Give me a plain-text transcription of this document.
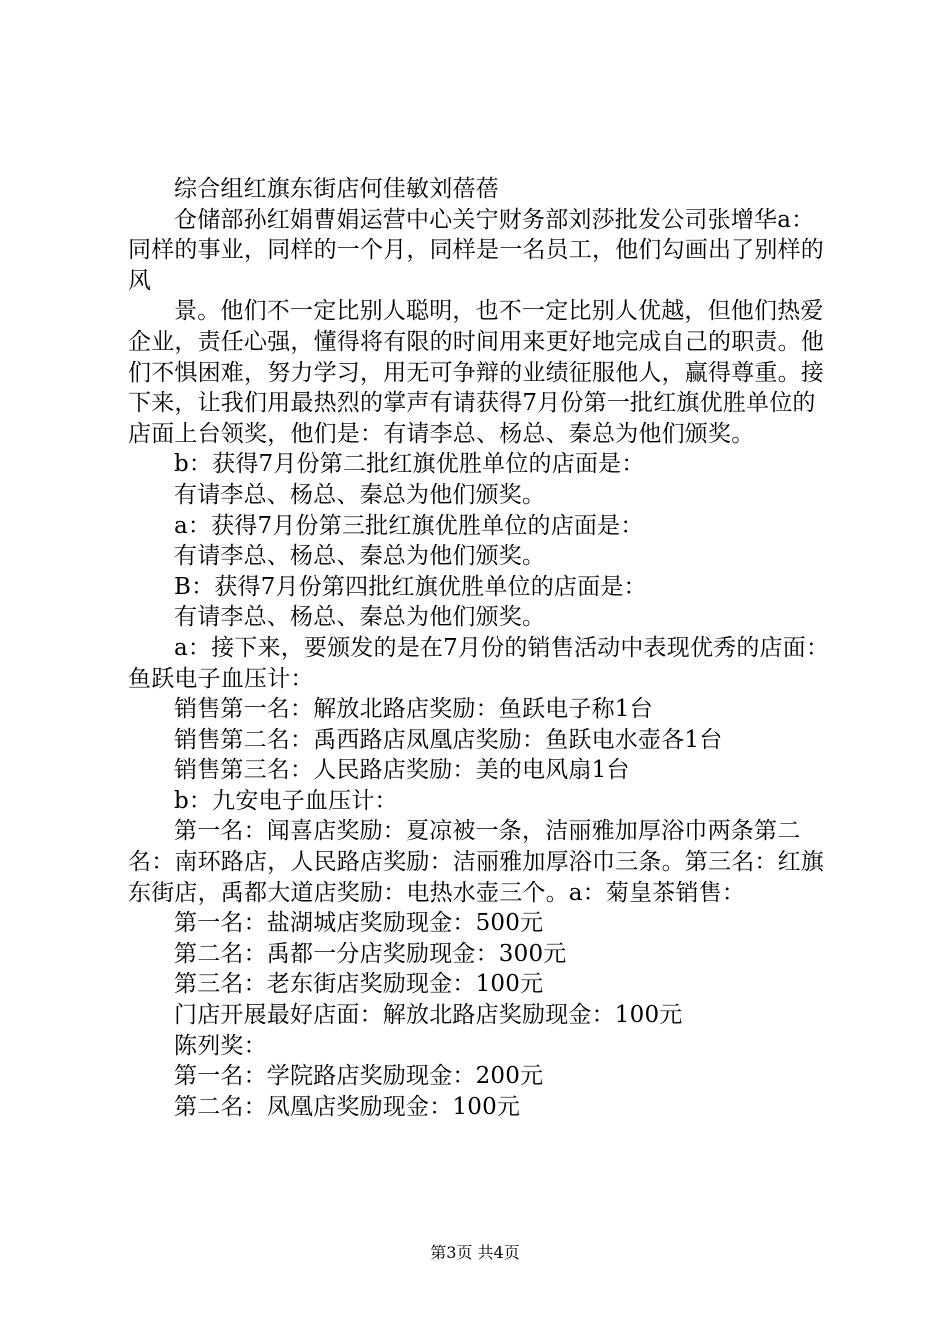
综合组红旗东街店何佳敏刘蓓蓓

仓储部孙红娟曹娟运营中心关宁财务部刘莎批发公司张增华a：同样的事业，同样的一个月，同样是一名员工，他们勾画出了别样的风

景。他们不一定比别人聪明，也不一定比别人优越，但他们热爱企业，责任心强，懂得将有限的时间用来更好地完成自己的职责。他们不惧困难，努力学习，用无可争辩的业绩征服他人，赢得尊重。接下来，让我们用最热烈的掌声有请获得7月份第一批红旗优胜单位的店面上台领奖，他们是：有请李总、杨总、秦总为他们颁奖。

b：获得7月份第二批红旗优胜单位的店面是：

有请李总、杨总、秦总为他们颁奖。

a：获得7月份第三批红旗优胜单位的店面是：

有请李总、杨总、秦总为他们颁奖。

B：获得7月份第四批红旗优胜单位的店面是：

有请李总、杨总、秦总为他们颁奖。

a：接下来，要颁发的是在7月份的销售活动中表现优秀的店面：鱼跃电子血压计：

销售第一名：解放北路店奖励：鱼跃电子称1台

销售第二名：禹西路店凤凰店奖励：鱼跃电水壶各1台

销售第三名：人民路店奖励：美的电风扇1台

b：九安电子血压计：

第一名：闻喜店奖励：夏凉被一条，洁丽雅加厚浴巾两条第二名：南环路店，人民路店奖励：洁丽雅加厚浴巾三条。第三名：红旗东街店，禹都大道店奖励：电热水壶三个。a：菊皇茶销售：

第一名：盐湖城店奖励现金：500元

第二名：禹都一分店奖励现金：300元

第三名：老东街店奖励现金：100元

门店开展最好店面：解放北路店奖励现金：100元

陈列奖：

第一名：学院路店奖励现金：200元

第二名：凤凰店奖励现金：100元

第3页 共4页
